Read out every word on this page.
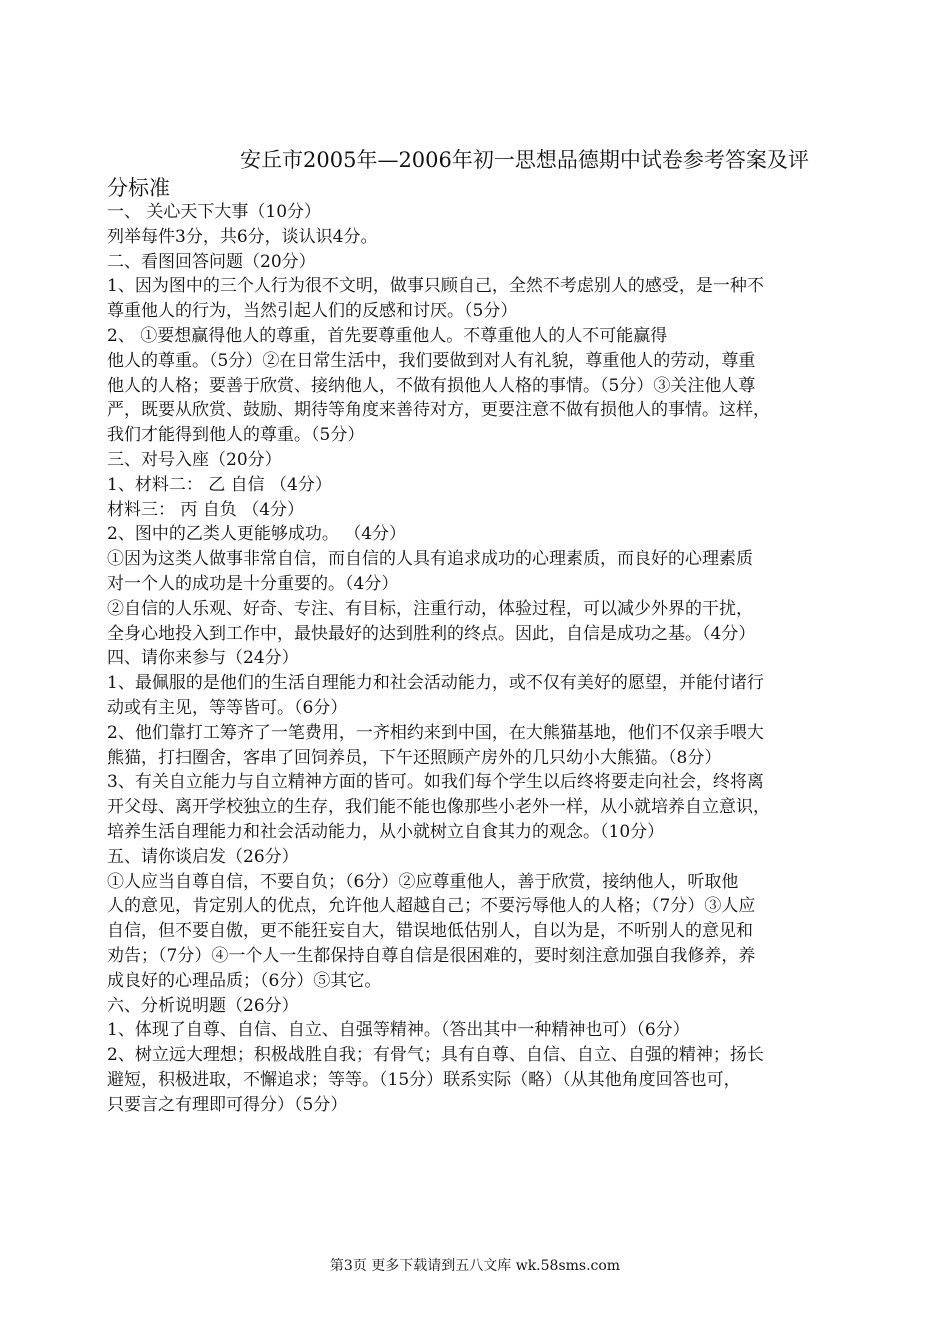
安丘市2005年—2006年初一思想品德期中试卷参考答案及评
分标准
一、 关心天下大事（10分）
列举每件3分，共6分，谈认识4分。
二、看图回答问题（20分）
1、因为图中的三个人行为很不文明，做事只顾自己，全然不考虑别人的感受，是一种不
尊重他人的行为，当然引起人们的反感和讨厌。（5分）
2、 ①要想赢得他人的尊重，首先要尊重他人。不尊重他人的人不可能赢得
他人的尊重。（5分）②在日常生活中，我们要做到对人有礼貌，尊重他人的劳动，尊重
他人的人格；要善于欣赏、接纳他人，不做有损他人人格的事情。（5分）③关注他人尊
严，既要从欣赏、鼓励、期待等角度来善待对方，更要注意不做有损他人的事情。这样，
我们才能得到他人的尊重。（5分）
三、对号入座（20分）
1、材料二： 乙 自信 （4分）
材料三： 丙 自负 （4分）
2、图中的乙类人更能够成功。 （4分）
①因为这类人做事非常自信，而自信的人具有追求成功的心理素质，而良好的心理素质
对一个人的成功是十分重要的。（4分）
②自信的人乐观、好奇、专注、有目标，注重行动，体验过程，可以减少外界的干扰，
全身心地投入到工作中，最快最好的达到胜利的终点。因此，自信是成功之基。（4分）
四、请你来参与（24分）
1、最佩服的是他们的生活自理能力和社会活动能力，或不仅有美好的愿望，并能付诸行
动或有主见，等等皆可。（6分）
2、他们靠打工筹齐了一笔费用，一齐相约来到中国，在大熊猫基地，他们不仅亲手喂大
熊猫，打扫圈舍，客串了回饲养员，下午还照顾产房外的几只幼小大熊猫。（8分）
3、有关自立能力与自立精神方面的皆可。如我们每个学生以后终将要走向社会，终将离
开父母、离开学校独立的生存，我们能不能也像那些小老外一样，从小就培养自立意识，
培养生活自理能力和社会活动能力，从小就树立自食其力的观念。（10分）
五、请你谈启发（26分）
①人应当自尊自信，不要自负；（6分）②应尊重他人，善于欣赏，接纳他人，听取他
人的意见，肯定别人的优点，允许他人超越自己；不要污辱他人的人格；（7分）③人应
自信，但不要自傲，更不能狂妄自大，错误地低估别人，自以为是，不听别人的意见和
劝告；（7分）④一个人一生都保持自尊自信是很困难的，要时刻注意加强自我修养，养
成良好的心理品质；（6分）⑤其它。
六、分析说明题（26分）
1、体现了自尊、自信、自立、自强等精神。（答出其中一种精神也可）（6分）
2、树立远大理想；积极战胜自我；有骨气；具有自尊、自信、自立、自强的精神；扬长
避短，积极进取，不懈追求；等等。（15分）联系实际（略）（从其他角度回答也可，
只要言之有理即可得分）（5分）
第3页 更多下载请到五八文库 wk.58sms.com
